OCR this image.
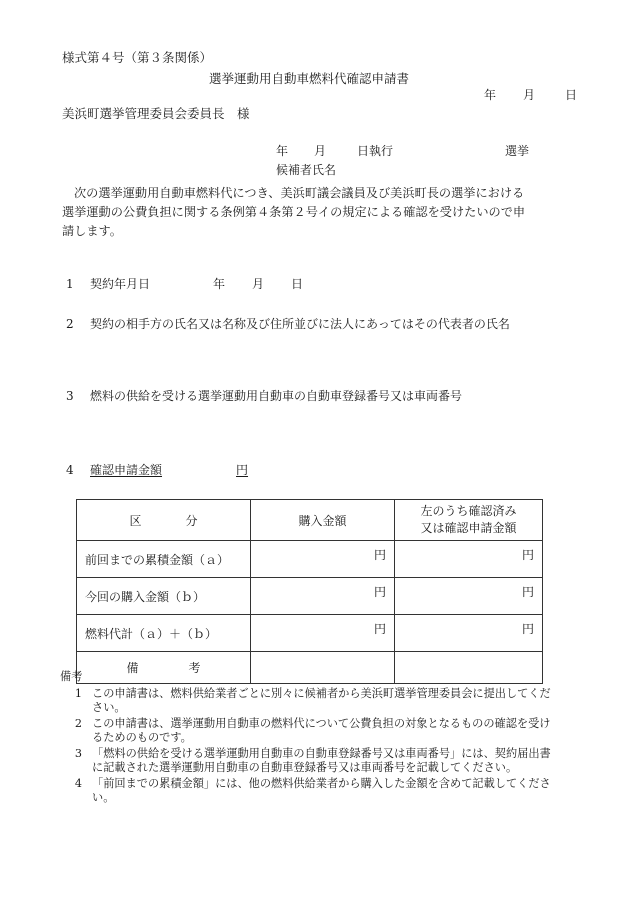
様式第４号（第３条関係）
選挙運動用自動車燃料代確認申請書
年 月 日
美浜町選挙管理委員会委員長　様
年 月	日執行	選挙
候補者氏名
次の選挙運動用自動車燃料代につき、美浜町議会議員及び美浜町長の選挙における
選挙運動の公費負担に関する条例第４条第２号イの規定による確認を受けたいので申
請します。
1 契約年月日	年 月 日
2 契約の相手方の氏名又は名称及び住所並びに法人にあってはその代表者の氏名
3 燃料の供給を受ける選挙運動用自動車の自動車登録番号又は車両番号
4 確認申請金額	円
区 分	購入金額	左のうち確認済み
又は確認申請金額

前回までの累積金額（ａ）	円	円
今回の購入金額（ｂ）	円	円
燃料代計（ａ）＋（ｂ）	円	円

備 考		

備考
1 この申請書は、燃料供給業者ごとに別々に候補者から美浜町選挙管理委員会に提出してくだ
さい。
2 この申請書は、選挙運動用自動車の燃料代について公費負担の対象となるものの確認を受け
るためのものです。
3 「燃料の供給を受ける選挙運動用自動車の自動車登録番号又は車両番号」には、契約届出書
に記載された選挙運動用自動車の自動車登録番号又は車両番号を記載してください。
4 「前回までの累積金額」には、他の燃料供給業者から購入した金額を含めて記載してくださ
い。
